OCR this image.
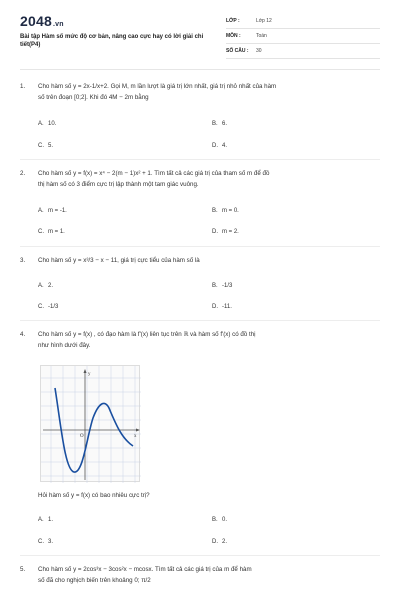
2048.vn
Bài tập Hàm số mức độ cơ bản, nâng cao cực hay có lời giải chi tiết(P4)
LỚP :	Lớp 12
MÔN :	Toán
SỐ CÂU : 30
1.	Cho hàm số y = 2x-1/x+2. Gọi M, m lần lượt là giá trị lớn nhất, giá trị nhỏ nhất của hàm
số trên đoạn [0;2]. Khi đó 4M − 2m bằng
A. 10.	B. 6.
C. 5.	D. 4.
2.	Cho hàm số y = f(x) = x⁴ − 2(m − 1)x² + 1. Tìm tất cả các giá trị của tham số m để đồ
thị hàm số có 3 điểm cực trị lập thành một tam giác vuông.
A. m = -1.	B. m = 0.
C. m = 1.	D. m = 2.
3.	Cho hàm số y = x³/3 − x − 11, giá trị cực tiểu của hàm số là
A. 2.	B. -1/3
C. -1/3	D. -11.
4.	Cho hàm số y = f(x) , có đạo hàm là f'(x) liên tục trên ℝ và hàm số f'(x) có đồ thị
như hình dưới đây.
y
x
O
Hỏi hàm số y = f(x) có bao nhiêu cực trị?
A. 1.	B. 0.
C. 3.	D. 2.
5.	Cho hàm số y = 2cos³x − 3cos²x − mcosx. Tìm tất cả các giá trị của m để hàm
số đã cho nghịch biến trên khoảng 0; π/2
